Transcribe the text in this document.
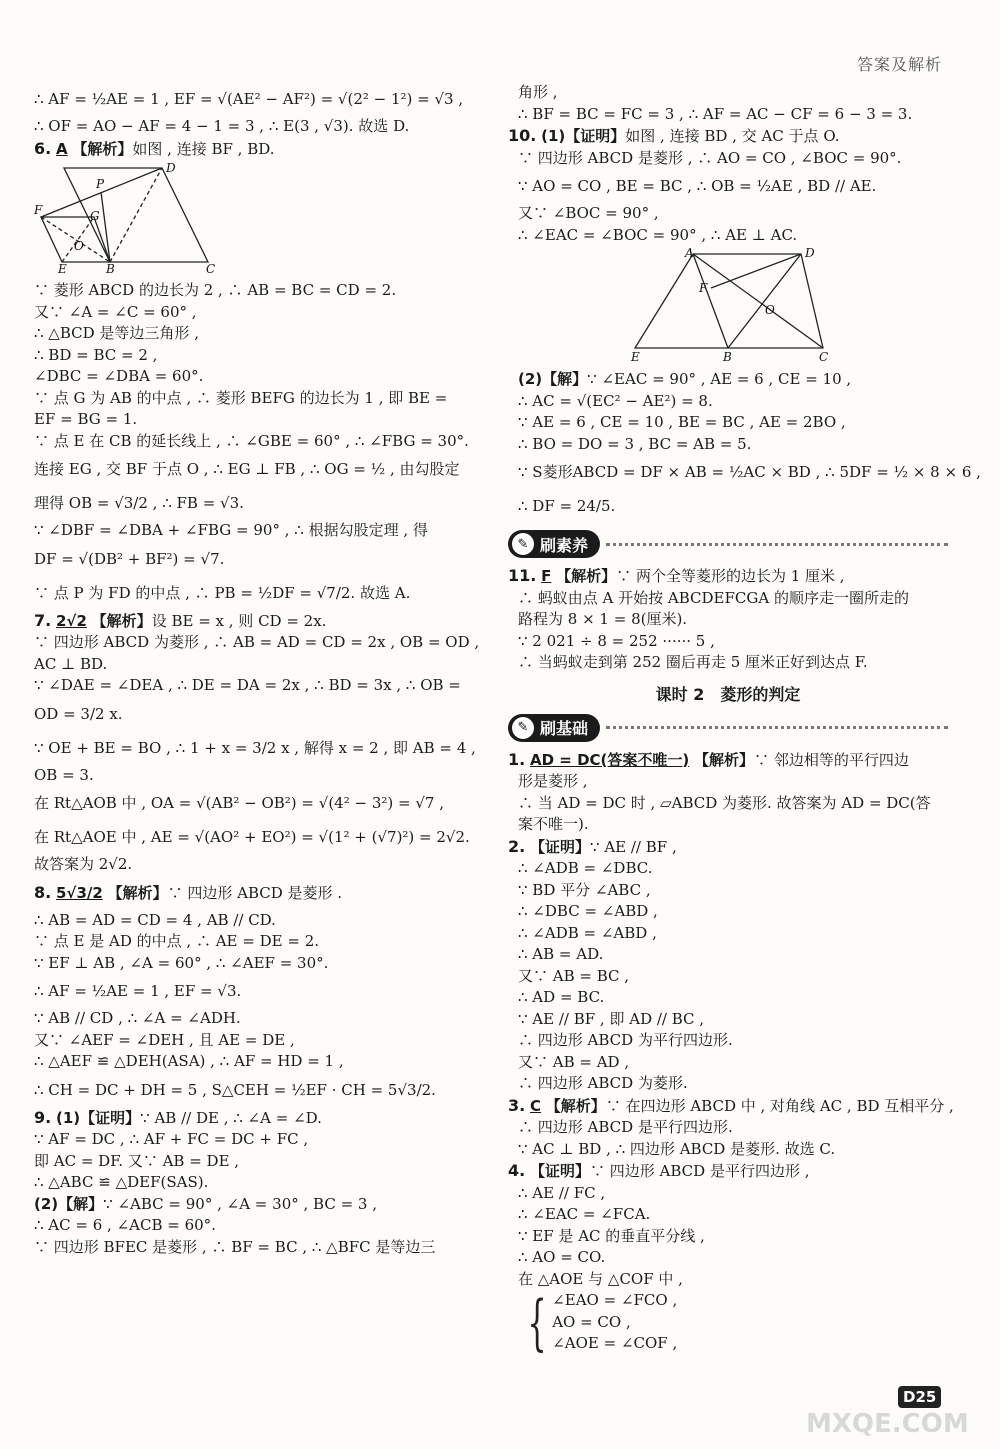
答案及解析
∴ AF = ½AE = 1 , EF = √(AE² − AF²) = √(2² − 1²) = √3 ,
∴ OF = AO − AF = 4 − 1 = 3 , ∴ E(3 , √3). 故选 D.
6. A 【解析】如图 , 连接 BF , BD.
D
P
F	G
O
E	B	C
∵ 菱形 ABCD 的边长为 2 , ∴ AB = BC = CD = 2.
又∵ ∠A = ∠C = 60° ,
∴ △BCD 是等边三角形 ,
∴ BD = BC = 2 ,
∠DBC = ∠DBA = 60°.
∵ 点 G 为 AB 的中点 , ∴ 菱形 BEFG 的边长为 1 , 即 BE =
EF = BG = 1.
∵ 点 E 在 CB 的延长线上 , ∴ ∠GBE = 60° , ∴ ∠FBG = 30°.
连接 EG , 交 BF 于点 O , ∴ EG ⊥ FB , ∴ OG = ½ , 由勾股定
理得 OB = √3/2 , ∴ FB = √3.
∵ ∠DBF = ∠DBA + ∠FBG = 90° , ∴ 根据勾股定理 , 得
DF = √(DB² + BF²) = √7.
∵ 点 P 为 FD 的中点 , ∴ PB = ½DF = √7/2. 故选 A.
7. 2√2 【解析】设 BE = x , 则 CD = 2x.
∵ 四边形 ABCD 为菱形 , ∴ AB = AD = CD = 2x , OB = OD ,
AC ⊥ BD.
∵ ∠DAE = ∠DEA , ∴ DE = DA = 2x , ∴ BD = 3x , ∴ OB =
OD = 3/2 x.
∵ OE + BE = BO , ∴ 1 + x = 3/2 x , 解得 x = 2 , 即 AB = 4 ,
OB = 3.
在 Rt△AOB 中 , OA = √(AB² − OB²) = √(4² − 3²) = √7 ,
在 Rt△AOE 中 , AE = √(AO² + EO²) = √(1² + (√7)²) = 2√2.
故答案为 2√2.
8. 5√3/2 【解析】∵ 四边形 ABCD 是菱形 .
∴ AB = AD = CD = 4 , AB // CD.
∵ 点 E 是 AD 的中点 , ∴ AE = DE = 2.
∵ EF ⊥ AB , ∠A = 60° , ∴ ∠AEF = 30°.
∴ AF = ½AE = 1 , EF = √3.
∵ AB // CD , ∴ ∠A = ∠ADH.
又∵ ∠AEF = ∠DEH , 且 AE = DE ,
∴ △AEF ≌ △DEH(ASA) , ∴ AF = HD = 1 ,
∴ CH = DC + DH = 5 , S△CEH = ½EF · CH = 5√3/2.
9. (1)【证明】∵ AB // DE , ∴ ∠A = ∠D.
∵ AF = DC , ∴ AF + FC = DC + FC ,
即 AC = DF. 又∵ AB = DE ,
∴ △ABC ≌ △DEF(SAS).
(2)【解】∵ ∠ABC = 90° , ∠A = 30° , BC = 3 ,
∴ AC = 6 , ∠ACB = 60°.
∵ 四边形 BFEC 是菱形 , ∴ BF = BC , ∴ △BFC 是等边三
角形 ,
∴ BF = BC = FC = 3 , ∴ AF = AC − CF = 6 − 3 = 3.
10. (1)【证明】如图 , 连接 BD , 交 AC 于点 O.
∵ 四边形 ABCD 是菱形 , ∴ AO = CO , ∠BOC = 90°.
∵ AO = CO , BE = BC , ∴ OB = ½AE , BD // AE.
又∵ ∠BOC = 90° ,
∴ ∠EAC = ∠BOC = 90° , ∴ AE ⊥ AC.
A	D
F
O
E	B	C
(2)【解】∵ ∠EAC = 90° , AE = 6 , CE = 10 ,
∴ AC = √(EC² − AE²) = 8.
∵ AE = 6 , CE = 10 , BE = BC , AE = 2BO ,
∴ BO = DO = 3 , BC = AB = 5.
∵ S菱形ABCD = DF × AB = ½AC × BD , ∴ 5DF = ½ × 8 × 6 ,
∴ DF = 24/5.
✎ 刷素养
11. F 【解析】∵ 两个全等菱形的边长为 1 厘米 ,
∴ 蚂蚁由点 A 开始按 ABCDEFCGA 的顺序走一圈所走的
路程为 8 × 1 = 8(厘米).
∵ 2 021 ÷ 8 = 252 ······ 5 ,
∴ 当蚂蚁走到第 252 圈后再走 5 厘米正好到达点 F.
课时 2　菱形的判定
✎ 刷基础
1. AD = DC(答案不唯一) 【解析】∵ 邻边相等的平行四边
形是菱形 ,
∴ 当 AD = DC 时 , ▱ABCD 为菱形. 故答案为 AD = DC(答
案不唯一).
2. 【证明】∵ AE // BF ,
∴ ∠ADB = ∠DBC.
∵ BD 平分 ∠ABC ,
∴ ∠DBC = ∠ABD ,
∴ ∠ADB = ∠ABD ,
∴ AB = AD.
又∵ AB = BC ,
∴ AD = BC.
∵ AE // BF , 即 AD // BC ,
∴ 四边形 ABCD 为平行四边形.
又∵ AB = AD ,
∴ 四边形 ABCD 为菱形.
3. C 【解析】∵ 在四边形 ABCD 中 , 对角线 AC , BD 互相平分 ,
∴ 四边形 ABCD 是平行四边形.
∵ AC ⊥ BD , ∴ 四边形 ABCD 是菱形. 故选 C.
4. 【证明】∵ 四边形 ABCD 是平行四边形 ,
∴ AE // FC ,
∴ ∠EAC = ∠FCA.
∵ EF 是 AC 的垂直平分线 ,
∴ AO = CO.
在 △AOE 与 △COF 中 ,
{ ∠EAO = ∠FCO ,
AO = CO ,
∠AOE = ∠COF ,
MXQE.COM
D25
